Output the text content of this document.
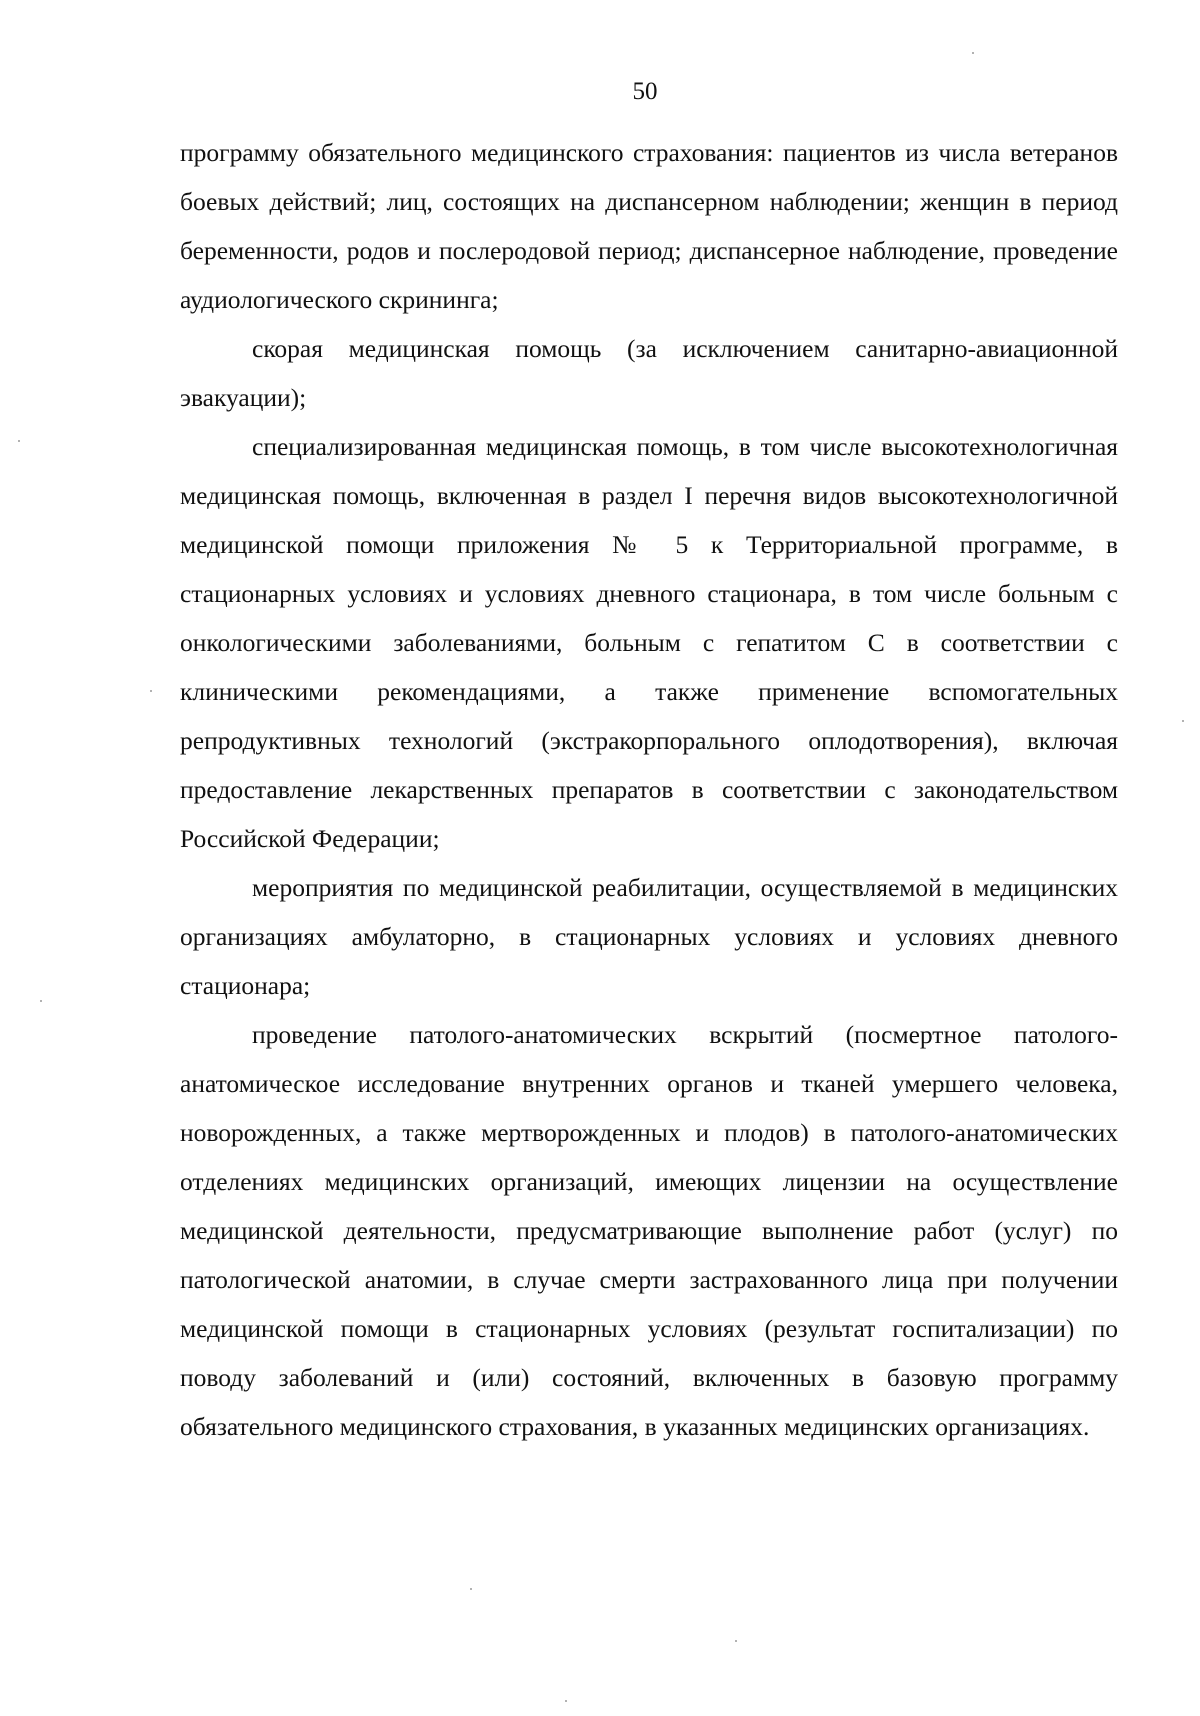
50

программу обязательного медицинского страхования: пациентов из числа ветеранов боевых действий; лиц, состоящих на диспансерном наблюдении; женщин в период беременности, родов и послеродовой период; диспансерное наблюдение, проведение аудиологического скрининга;

скорая медицинская помощь (за исключением санитарно-авиационной эвакуации);

специализированная медицинская помощь, в том числе высокотехнологичная медицинская помощь, включенная в раздел I перечня видов высокотехнологичной медицинской помощи приложения № 5 к Территориальной программе, в стационарных условиях и условиях дневного стационара, в том числе больным с онкологическими заболеваниями, больным с гепатитом С в соответствии с клиническими рекомендациями, а также применение вспомогательных репродуктивных технологий (экстракорпорального оплодотворения), включая предоставление лекарственных препаратов в соответствии с законодательством Российской Федерации;

мероприятия по медицинской реабилитации, осуществляемой в медицинских организациях амбулаторно, в стационарных условиях и условиях дневного стационара;

проведение патолого-анатомических вскрытий (посмертное патолого-анатомическое исследование внутренних органов и тканей умершего человека, новорожденных, а также мертворожденных и плодов) в патолого-анатомических отделениях медицинских организаций, имеющих лицензии на осуществление медицинской деятельности, предусматривающие выполнение работ (услуг) по патологической анатомии, в случае смерти застрахованного лица при получении медицинской помощи в стационарных условиях (результат госпитализации) по поводу заболеваний и (или) состояний, включенных в базовую программу обязательного медицинского страхования, в указанных медицинских организациях.
